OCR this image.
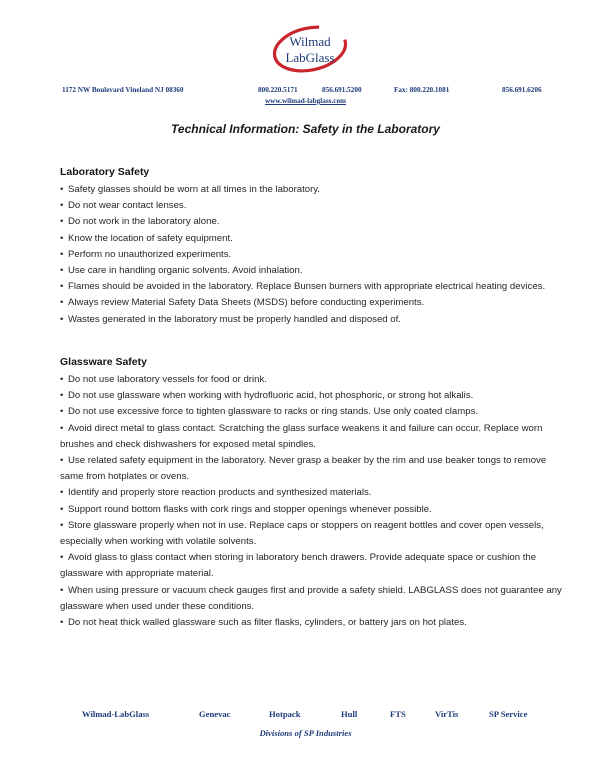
Wilmad
LabGlass
1172 NW Boulevard Vineland NJ 08360	800.220.5171	856.691.5200	Fax: 800.220.1081	856.691.6206
www.wilmad-labglass.com
Technical Information: Safety in the Laboratory
Laboratory Safety
• Safety glasses should be worn at all times in the laboratory.
• Do not wear contact lenses.
• Do not work in the laboratory alone.
• Know the location of safety equipment.
• Perform no unauthorized experiments.
• Use care in handling organic solvents. Avoid inhalation.
• Flames should be avoided in the laboratory. Replace Bunsen burners with appropriate electrical heating devices.
• Always review Material Safety Data Sheets (MSDS) before conducting experiments.
• Wastes generated in the laboratory must be properly handled and disposed of.
Glassware Safety
• Do not use laboratory vessels for food or drink.
• Do not use glassware when working with hydrofluoric acid, hot phosphoric, or strong hot alkalis.
• Do not use excessive force to tighten glassware to racks or ring stands. Use only coated clamps.
• Avoid direct metal to glass contact. Scratching the glass surface weakens it and failure can occur. Replace worn brushes and check dishwashers for exposed metal spindles.
• Use related safety equipment in the laboratory. Never grasp a beaker by the rim and use beaker tongs to remove same from hotplates or ovens.
• Identify and properly store reaction products and synthesized materials.
• Support round bottom flasks with cork rings and stopper openings whenever possible.
• Store glassware properly when not in use. Replace caps or stoppers on reagent bottles and cover open vessels, especially when working with volatile solvents.
• Avoid glass to glass contact when storing in laboratory bench drawers. Provide adequate space or cushion the glassware with appropriate material.
• When using pressure or vacuum check gauges first and provide a safety shield. LABGLASS does not guarantee any glassware when used under these conditions.
• Do not heat thick walled glassware such as filter flasks, cylinders, or battery jars on hot plates.
Wilmad-LabGlass	Genevac	Hotpack	Hull	FTS	VirTis	SP Service
Divisions of SP Industries
